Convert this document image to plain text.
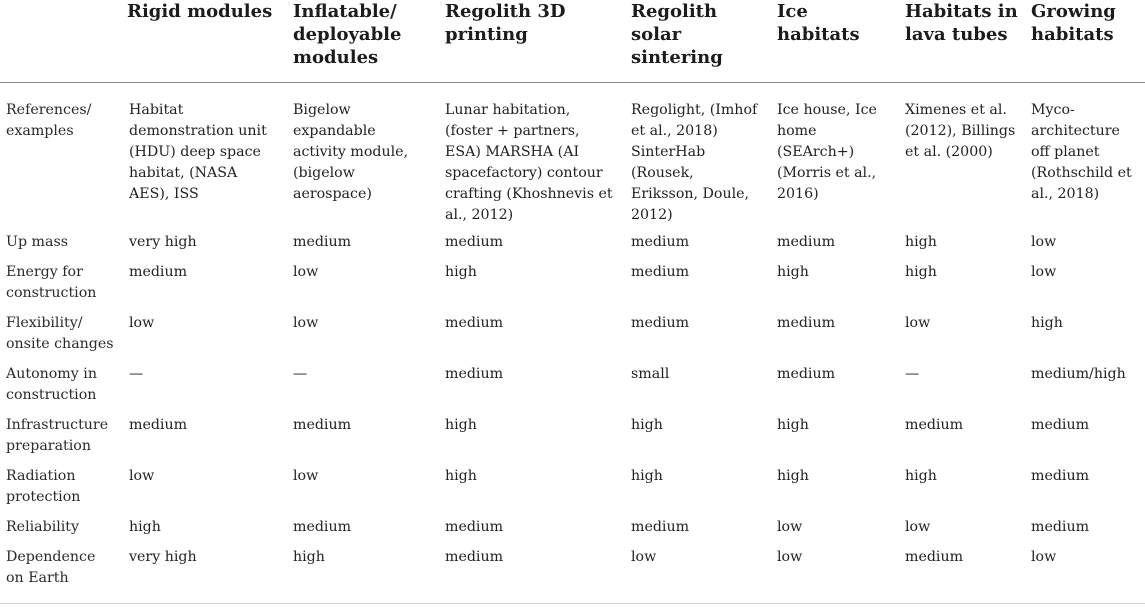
	Rigid modules	Inflatable/ deployable modules	Regolith 3D printing	Regolith solar sintering	Ice habitats	Habitats in lava tubes	Growing habitats
References/ examples	Habitat demonstration unit (HDU) deep space habitat, (NASA AES), ISS	Bigelow expandable activity module, (bigelow aerospace)	Lunar habitation, (foster + partners, ESA) MARSHA (AI spacefactory) contour crafting (Khoshnevis et al., 2012)	Regolight, (Imhof et al., 2018) SinterHab (Rousek, Eriksson, Doule, 2012)	Ice house, Ice home (SEArch+) (Morris et al., 2016)	Ximenes et al. (2012), Billings et al. (2000)	Myco-architecture off planet (Rothschild et al., 2018)
Up mass	very high	medium	medium	medium	medium	high	low
Energy for construction	medium	low	high	medium	high	high	low
Flexibility/ onsite changes	low	low	medium	medium	medium	low	high
Autonomy in construction	—	—	medium	small	medium	—	medium/high
Infrastructure preparation	medium	medium	high	high	high	medium	medium
Radiation protection	low	low	high	high	high	high	medium
Reliability	high	medium	medium	medium	low	low	medium
Dependence on Earth	very high	high	medium	low	low	medium	low
